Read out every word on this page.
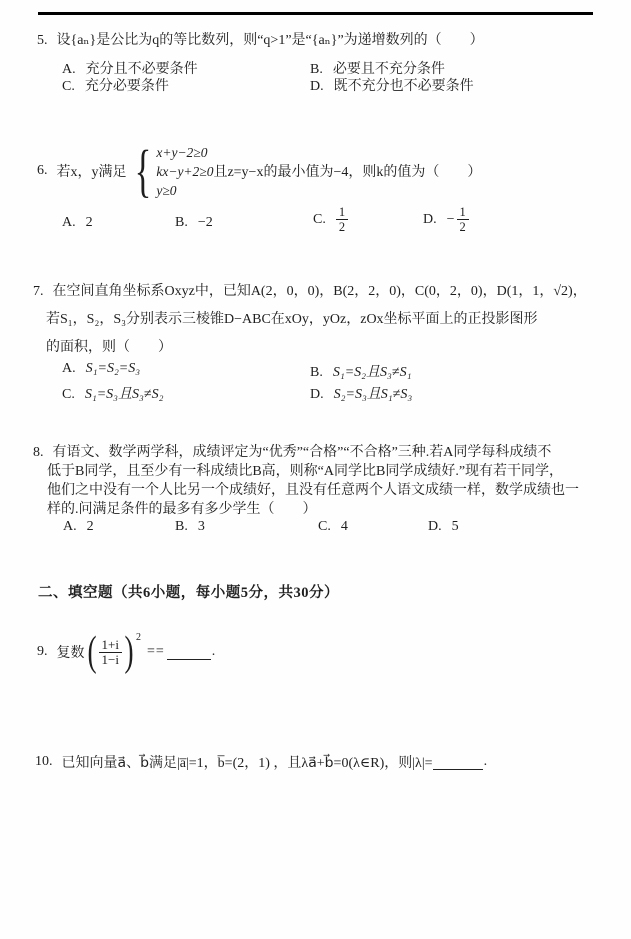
5. 设{aₙ}是公比为q的等比数列，则“q>1”是“{aₙ}”为递增数列的（　　）
A. 充分且不必要条件	B. 必要且不充分条件
C. 充分必要条件	D. 既不充分也不必要条件
6. 若x，y满足 { x+y−2≥0
kx−y+2≥0
y≥0
且z=y−x的最小值为−4，则k的值为（　　）
A. 2	B. −2	C. $\frac{1}{2}$	D. − $\frac{1}{2}$
7. 在空间直角坐标系Oxyz中，已知A(2，0，0)，B(2，2，0)，C(0，2，0)，D(1，1，√2)，
若S₁，S₂，S₃分别表示三棱锥D−ABC在xOy，yOz，zOx坐标平面上的正投影图形
的面积，则（　　）
A. S₁=S₂=S₃	B. S₁=S₂且S₃≠S₁
C. S₁=S₃且S₃≠S₂	D. S₂=S₃且S₁≠S₃
8. 有语文、数学两学科，成绩评定为“优秀”“合格”“不合格”三种.若A同学每科成绩不
低于B同学，且至少有一科成绩比B高，则称“A同学比B同学成绩好.”现有若干同学，
他们之中没有一个人比另一个成绩好，且没有任意两个人语文成绩一样，数学成绩也一
样的.问满足条件的最多有多少学生（　　）
A. 2	B. 3	C. 4	D. 5
二、填空题（共6小题，每小题5分，共30分）
9. 复数 ( $\frac{1+i}{1-i}$ ) 2
==	.
10. 已知向量a⃗、b⃗满足|a̅|=1，b̅=(2，1) ，且λa⃗+b⃗=0(λ∈R)，则|λ|=	.
